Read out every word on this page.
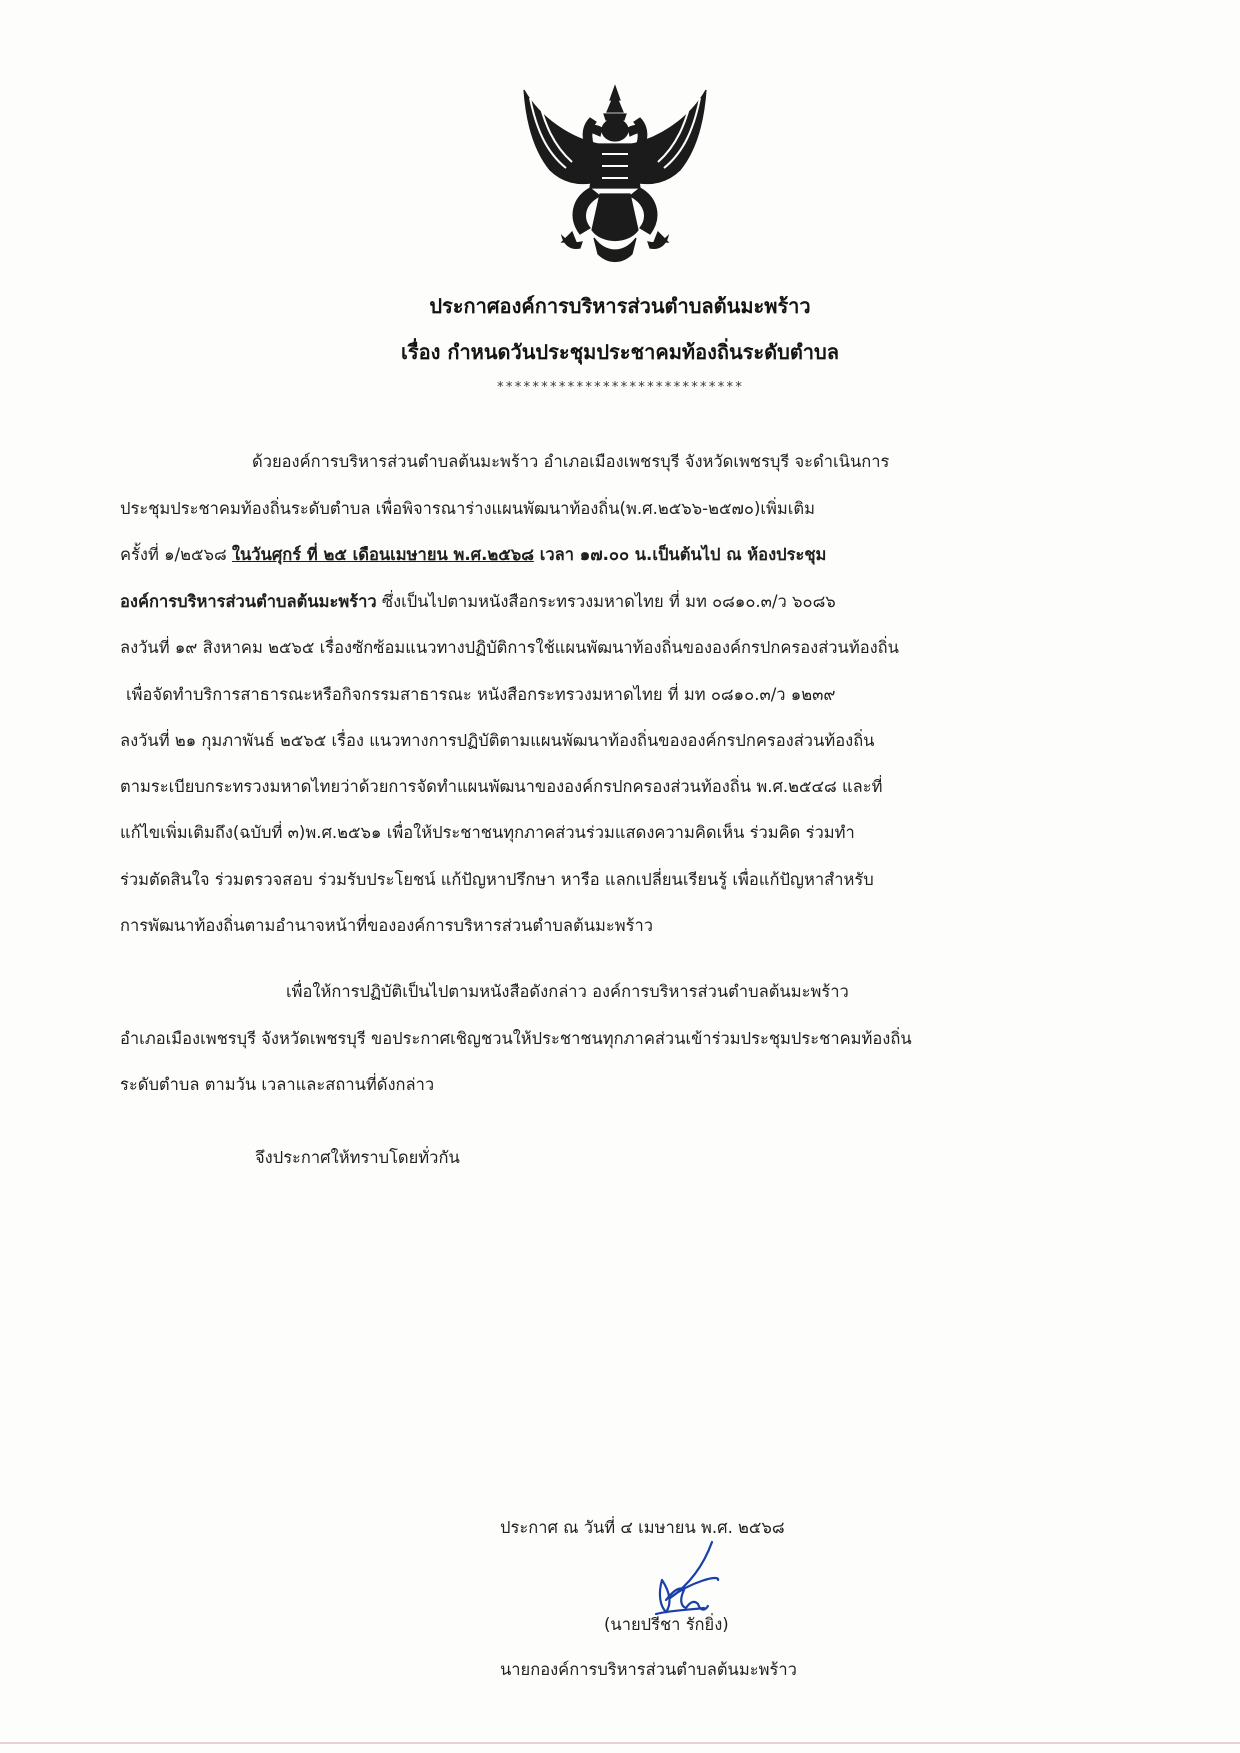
ประกาศองค์การบริหารส่วนตำบลต้นมะพร้าว
เรื่อง กำหนดวันประชุมประชาคมท้องถิ่นระดับตำบล
****************************
ด้วยองค์การบริหารส่วนตำบลต้นมะพร้าว อำเภอเมืองเพชรบุรี จังหวัดเพชรบุรี จะดำเนินการ
ประชุมประชาคมท้องถิ่นระดับตำบล เพื่อพิจารณาร่างแผนพัฒนาท้องถิ่น(พ.ศ.๒๕๖๖-๒๕๗๐)เพิ่มเติม
ครั้งที่ ๑/๒๕๖๘ ในวันศุกร์ ที่ ๒๕ เดือนเมษายน พ.ศ.๒๕๖๘ เวลา ๑๗.๐๐ น.เป็นต้นไป ณ ห้องประชุม
องค์การบริหารส่วนตำบลต้นมะพร้าว ซึ่งเป็นไปตามหนังสือกระทรวงมหาดไทย ที่ มท ๐๘๑๐.๓/ว ๖๐๘๖
ลงวันที่ ๑๙ สิงหาคม ๒๕๖๕ เรื่องซักซ้อมแนวทางปฏิบัติการใช้แผนพัฒนาท้องถิ่นขององค์กรปกครองส่วนท้องถิ่น
เพื่อจัดทำบริการสาธารณะหรือกิจกรรมสาธารณะ หนังสือกระทรวงมหาดไทย ที่ มท ๐๘๑๐.๓/ว ๑๒๓๙
ลงวันที่ ๒๑ กุมภาพันธ์ ๒๕๖๕ เรื่อง แนวทางการปฏิบัติตามแผนพัฒนาท้องถิ่นขององค์กรปกครองส่วนท้องถิ่น
ตามระเบียบกระทรวงมหาดไทยว่าด้วยการจัดทำแผนพัฒนาขององค์กรปกครองส่วนท้องถิ่น พ.ศ.๒๕๔๘ และที่
แก้ไขเพิ่มเติมถึง(ฉบับที่ ๓)พ.ศ.๒๕๖๑ เพื่อให้ประชาชนทุกภาคส่วนร่วมแสดงความคิดเห็น ร่วมคิด ร่วมทำ
ร่วมตัดสินใจ ร่วมตรวจสอบ ร่วมรับประโยชน์ แก้ปัญหาปรึกษา หารือ แลกเปลี่ยนเรียนรู้ เพื่อแก้ปัญหาสำหรับ
การพัฒนาท้องถิ่นตามอำนาจหน้าที่ขององค์การบริหารส่วนตำบลต้นมะพร้าว
เพื่อให้การปฏิบัติเป็นไปตามหนังสือดังกล่าว องค์การบริหารส่วนตำบลต้นมะพร้าว
อำเภอเมืองเพชรบุรี จังหวัดเพชรบุรี ขอประกาศเชิญชวนให้ประชาชนทุกภาคส่วนเข้าร่วมประชุมประชาคมท้องถิ่น
ระดับตำบล ตามวัน เวลาและสถานที่ดังกล่าว
จึงประกาศให้ทราบโดยทั่วกัน
ประกาศ ณ วันที่ ๔ เมษายน พ.ศ. ๒๕๖๘
(นายปรีชา รักยิ่ง)
นายกองค์การบริหารส่วนตำบลต้นมะพร้าว
